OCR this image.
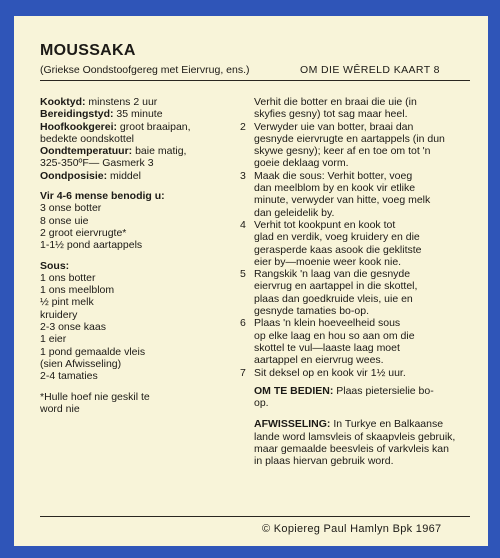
MOUSSAKA
(Griekse Oondstoofgereg met Eiervrug, ens.)	OM DIE WÊRELD KAART 8
Kooktyd: minstens 2 uur
Bereidingstyd: 35 minute
Hoofkookgerei: groot braaipan,
bedekte oondskottel
Oondtemperatuur: baie matig,
325-350ºF— Gasmerk 3
Oondposisie: middel
Vir 4-6 mense benodig u:
3 onse botter
8 onse uie
2 groot eiervrugte*
1-1½ pond aartappels
Sous:
1 ons botter
1 ons meelblom
½ pint melk
kruidery
2-3 onse kaas
1 eier
1 pond gemaalde vleis
(sien Afwisseling)
2-4 tamaties
*Hulle hoef nie geskil te
word nie
Verhit die botter en braai die uie (in
skyfies gesny) tot sag maar heel.
2 Verwyder uie van botter, braai dan
gesnyde eiervrugte en aartappels (in dun
skywe gesny); keer af en toe om tot 'n
goeie deklaag vorm.
3 Maak die sous: Verhit botter, voeg
dan meelblom by en kook vir etlike
minute, verwyder van hitte, voeg melk
dan geleidelik by.
4 Verhit tot kookpunt en kook tot
glad en verdik, voeg kruidery en die
gerasperde kaas asook die geklitste
eier by—moenie weer kook nie.
5 Rangskik 'n laag van die gesnyde
eiervrug en aartappel in die skottel,
plaas dan goedkruide vleis, uie en
gesnyde tamaties bo-op.
6 Plaas 'n klein hoeveelheid sous
op elke laag en hou so aan om die
skottel te vul—laaste laag moet
aartappel en eiervrug wees.
7 Sit deksel op en kook vir 1½ uur.
OM TE BEDIEN: Plaas pietersielie bo-
op.
AFWISSELING: In Turkye en Balkaanse
lande word lamsvleis of skaapvleis gebruik,
maar gemaalde beesvleis of varkvleis kan
in plaas hiervan gebruik word.
© Kopiereg Paul Hamlyn Bpk 1967
